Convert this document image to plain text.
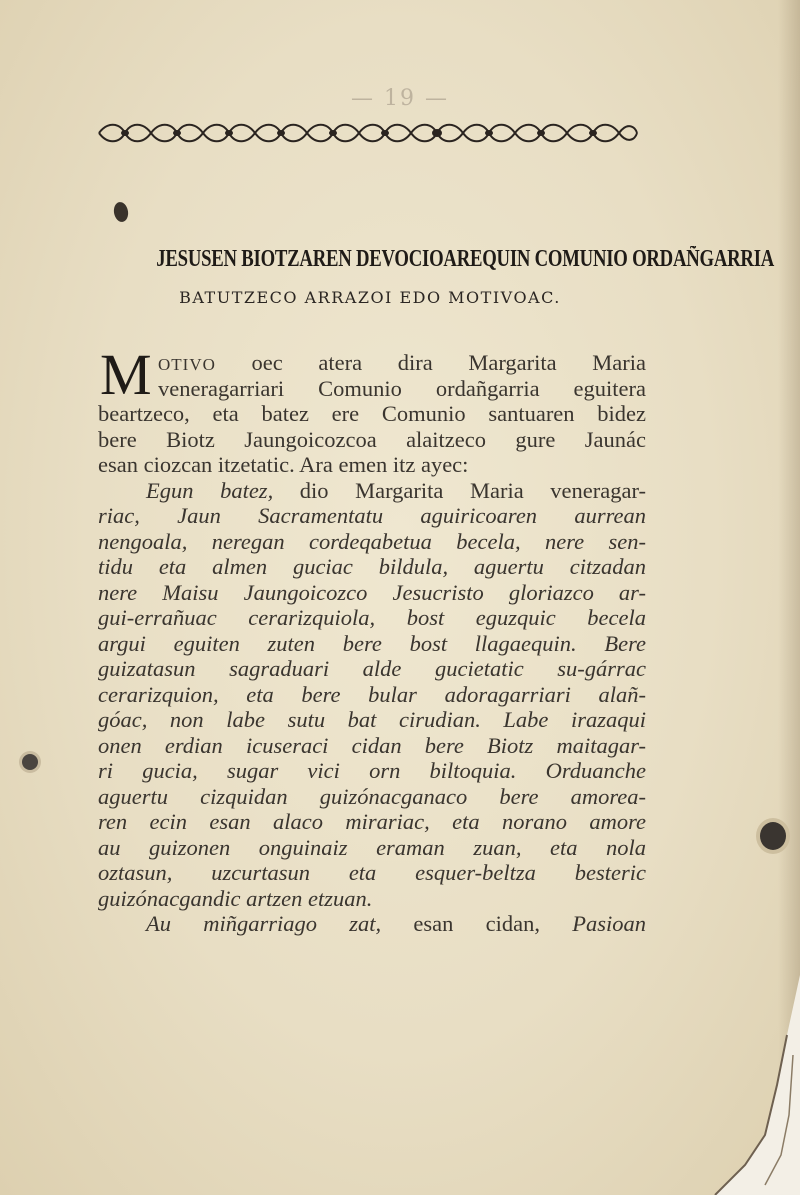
— 19 —
JESUSEN BIOTZAREN DEVOCIOAREQUIN COMUNIO ORDAÑGARRIA
BATUTZECO ARRAZOI EDO MOTIVOAC.
M OTIVO oec atera dira Margarita Maria
veneragarriari Comunio ordañgarria eguitera
beartzeco, eta batez ere Comunio santuaren bidez
bere Biotz Jaungoicozcoa alaitzeco gure Jaunác
esan ciozcan itzetatic. Ara emen itz ayec:
Egun batez, dio Margarita Maria veneragar-
riac, Jaun Sacramentatu aguiricoaren aurrean
nengoala, neregan cordeqabetua becela, nere sen-
tidu eta almen guciac bildula, aguertu citzadan
nere Maisu Jaungoicozco Jesucristo gloriazco ar-
gui-errañuac cerarizquiola, bost eguzquic becela
argui eguiten zuten bere bost llagaequin. Bere
guizatasun sagraduari alde gucietatic su-gárrac
cerarizquion, eta bere bular adoragarriari alañ-
góac, non labe sutu bat cirudian. Labe irazaqui
onen erdian icuseraci cidan bere Biotz maitagar-
ri gucia, sugar vici orn biltoquia. Orduanche
aguertu cizquidan guizónacganaco bere amorea-
ren ecin esan alaco mirariac, eta norano amore
au guizonen onguinaiz eraman zuan, eta nola
oztasun, uzcurtasun eta esquer-beltza besteric
guizónacgandic artzen etzuan.
Au miñgarriago zat, esan cidan, Pasioan
